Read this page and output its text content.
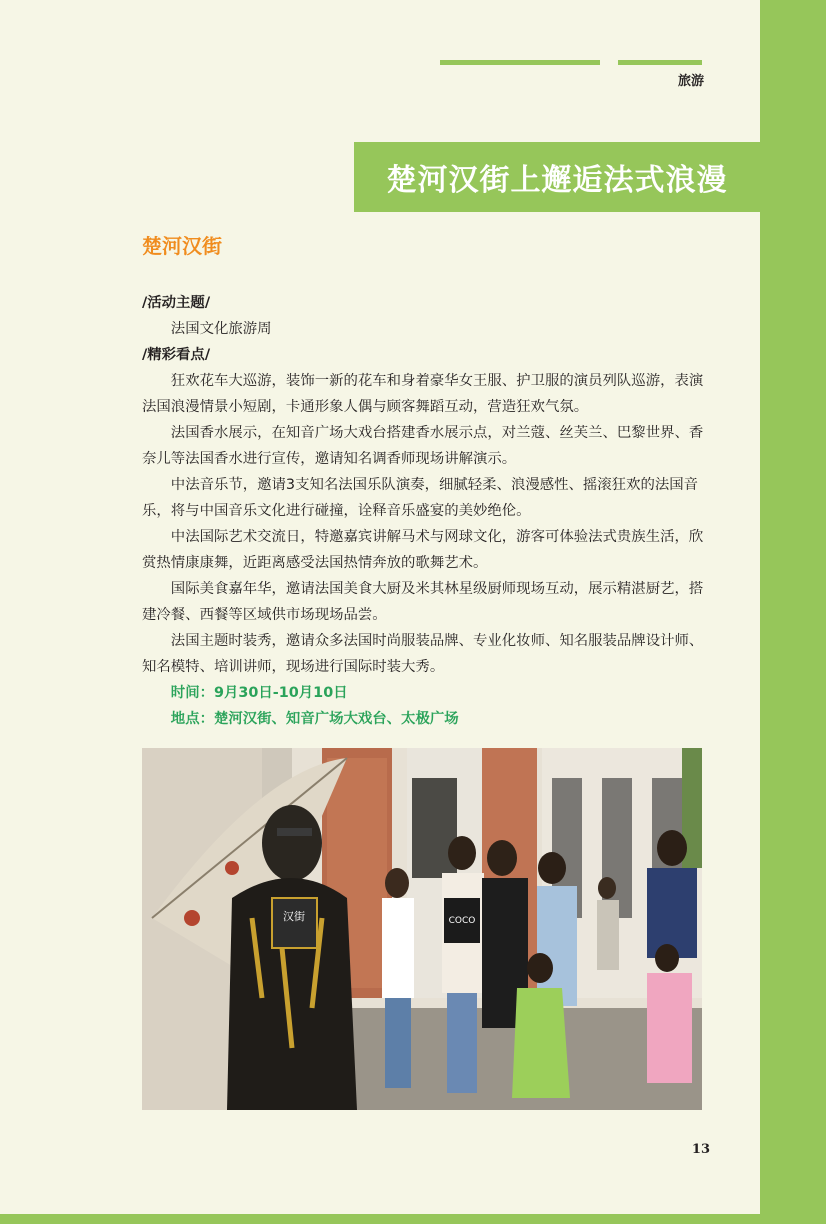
旅游
楚河汉街上邂逅法式浪漫
楚河汉街

/活动主题/

法国文化旅游周

/精彩看点/

狂欢花车大巡游，装饰一新的花车和身着豪华女王服、护卫服的演员列队巡游，表演法国浪漫情景小短剧，卡通形象人偶与顾客舞蹈互动，营造狂欢气氛。

法国香水展示，在知音广场大戏台搭建香水展示点，对兰蔻、丝芙兰、巴黎世界、香奈儿等法国香水进行宣传，邀请知名调香师现场讲解演示。

中法音乐节，邀请3支知名法国乐队演奏，细腻轻柔、浪漫感性、摇滚狂欢的法国音乐，将与中国音乐文化进行碰撞，诠释音乐盛宴的美妙绝伦。

中法国际艺术交流日，特邀嘉宾讲解马术与网球文化，游客可体验法式贵族生活，欣赏热情康康舞，近距离感受法国热情奔放的歌舞艺术。

国际美食嘉年华，邀请法国美食大厨及米其林星级厨师现场互动，展示精湛厨艺，搭建冷餐、西餐等区域供市场现场品尝。

法国主题时装秀，邀请众多法国时尚服装品牌、专业化妆师、知名服装品牌设计师、知名模特、培训讲师，现场进行国际时装大秀。

时间：9月30日-10月10日

地点：楚河汉街、知音广场大戏台、太极广场

汉街	COCO
13
